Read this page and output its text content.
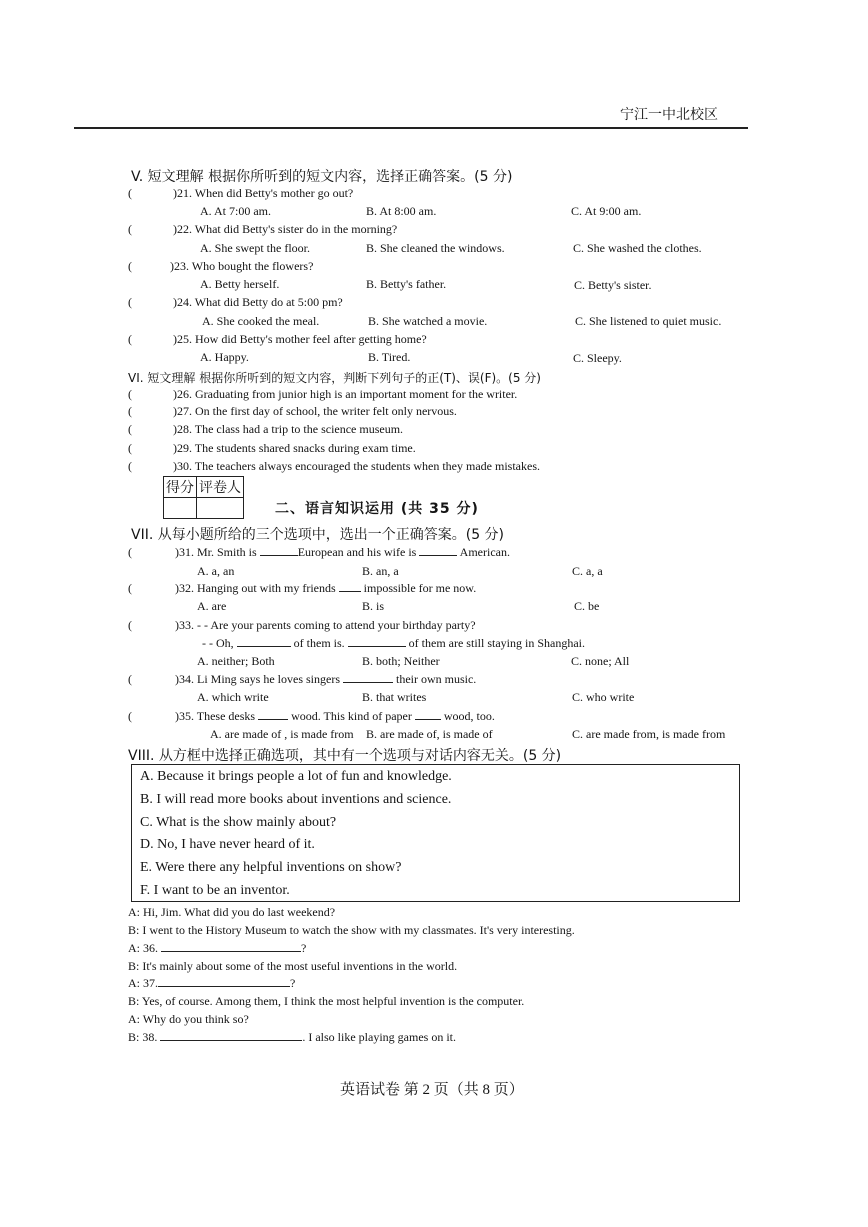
宁江一中北校区
V. 短文理解 根据你所听到的短文内容，选择正确答案。(5 分)
(	)21. When did Betty's mother go out?
A. At 7:00 am.	B. At 8:00 am.	C. At 9:00 am.
(	)22. What did Betty's sister do in the morning?
A. She swept the floor.	B. She cleaned the windows.	C. She washed the clothes.
(	)23. Who bought the flowers?
A. Betty herself.	B. Betty's father.	C. Betty's sister.
(	)24. What did Betty do at 5:00 pm?
A. She cooked the meal.	B. She watched a movie.	C. She listened to quiet music.
(	)25. How did Betty's mother feel after getting home?
A. Happy.	B. Tired.	C. Sleepy.
VI. 短文理解 根据你所听到的短文内容，判断下列句子的正(T)、误(F)。(5 分)
(	)26. Graduating from junior high is an important moment for the writer.
(	)27. On the first day of school, the writer felt only nervous.
(	)28. The class had a trip to the science museum.
(	)29. The students shared snacks during exam time.
(	)30. The teachers always encouraged the students when they made mistakes.
得分	评卷人

二、语言知识运用 (共 35 分)
VII. 从每小题所给的三个选项中，选出一个正确答案。(5 分)
(	)31. Mr. Smith is	European and his wife is	American.
A. a, an	B. an, a	C. a, a
(	)32. Hanging out with my friends  impossible for me now.
A. are	B. is	C. be
(	)33. - - Are your parents coming to attend your birthday party?
- - Oh,	of them is.	of them are still staying in Shanghai.
A. neither; Both	B. both; Neither	C. none; All
(	)34. Li Ming says he loves singers	their own music.
A. which write	B. that writes	C. who write
(	)35. These desks	wood. This kind of paper  wood, too.
A. are made of , is made from B. are made of, is made of	C. are made from, is made from
VIII. 从方框中选择正确选项，其中有一个选项与对话内容无关。(5 分)
A. Because it brings people a lot of fun and knowledge.
B. I will read more books about inventions and science.
C. What is the show mainly about?
D. No, I have never heard of it.
E. Were there any helpful inventions on show?
F. I want to be an inventor.
A: Hi, Jim. What did you do last weekend?
B: I went to the History Museum to watch the show with my classmates. It's very interesting.
A: 36.	?
B: It's mainly about some of the most useful inventions in the world.
A: 37.	?
B: Yes, of course. Among them, I think the most helpful invention is the computer.
A: Why do you think so?
B: 38.	. I also like playing games on it.
英语试卷 第 2 页（共 8 页）
